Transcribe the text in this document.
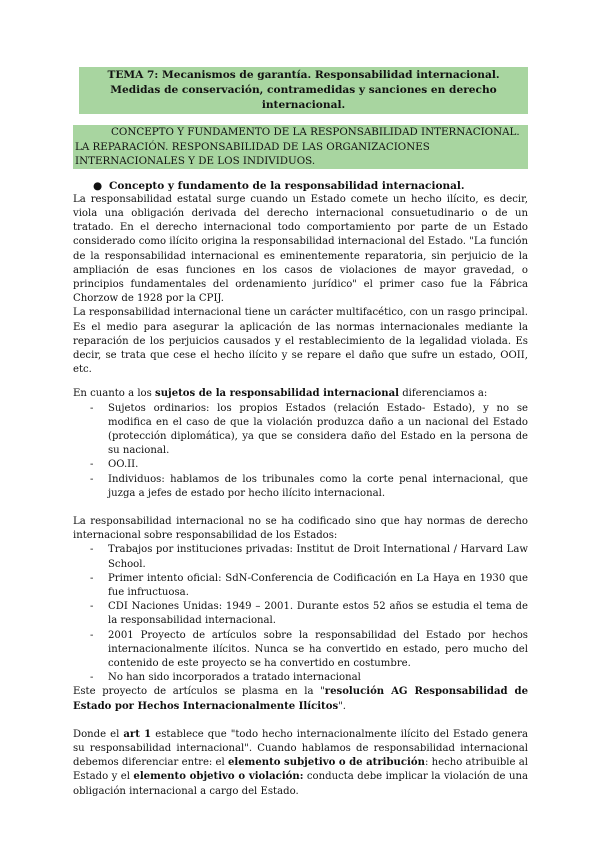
TEMA 7: Mecanismos de garantía. Responsabilidad internacional. Medidas de conservación, contramedidas y sanciones en derecho internacional.
CONCEPTO Y FUNDAMENTO DE LA RESPONSABILIDAD INTERNACIONAL. LA REPARACIÓN. RESPONSABILIDAD DE LAS ORGANIZACIONES INTERNACIONALES Y DE LOS INDIVIDUOS.
● Concepto y fundamento de la responsabilidad internacional.

La responsabilidad estatal surge cuando un Estado comete un hecho ilícito, es decir, viola una obligación derivada del derecho internacional consuetudinario o de un tratado. En el derecho internacional todo comportamiento por parte de un Estado considerado como ilícito origina la responsabilidad internacional del Estado. "La función de la responsabilidad internacional es eminentemente reparatoria, sin perjuicio de la ampliación de esas funciones en los casos de violaciones de mayor gravedad, o principios fundamentales del ordenamiento jurídico" el primer caso fue la Fábrica Chorzow de 1928 por la CPIJ.

La responsabilidad internacional tiene un carácter multifacético, con un rasgo principal. Es el medio para asegurar la aplicación de las normas internacionales mediante la reparación de los perjuicios causados y el restablecimiento de la legalidad violada. Es decir, se trata que cese el hecho ilícito y se repare el daño que sufre un estado, OOII, etc.

En cuanto a los sujetos de la responsabilidad internacional diferenciamos a:

- Sujetos ordinarios: los propios Estados (relación Estado- Estado), y no se modifica en el caso de que la violación produzca daño a un nacional del Estado (protección diplomática), ya que se considera daño del Estado en la persona de su nacional.
- OO.II.
- Individuos: hablamos de los tribunales como la corte penal internacional, que juzga a jefes de estado por hecho ilícito internacional.

La responsabilidad internacional no se ha codificado sino que hay normas de derecho internacional sobre responsabilidad de los Estados:

- Trabajos por instituciones privadas: Institut de Droit International / Harvard Law School.
- Primer intento oficial: SdN-Conferencia de Codificación en La Haya en 1930 que fue infructuosa.
- CDI Naciones Unidas: 1949 – 2001. Durante estos 52 años se estudia el tema de la responsabilidad internacional.
- 2001 Proyecto de artículos sobre la responsabilidad del Estado por hechos internacionalmente ilícitos. Nunca se ha convertido en estado, pero mucho del contenido de este proyecto se ha convertido en costumbre.
- No han sido incorporados a tratado internacional

Este proyecto de artículos se plasma en la "resolución AG Responsabilidad de Estado por Hechos Internacionalmente Ilícitos".

Donde el art 1 establece que "todo hecho internacionalmente ilícito del Estado genera su responsabilidad internacional". Cuando hablamos de responsabilidad internacional debemos diferenciar entre: el elemento subjetivo o de atribución: hecho atribuible al Estado y el elemento objetivo o violación: conducta debe implicar la violación de una obligación internacional a cargo del Estado.
